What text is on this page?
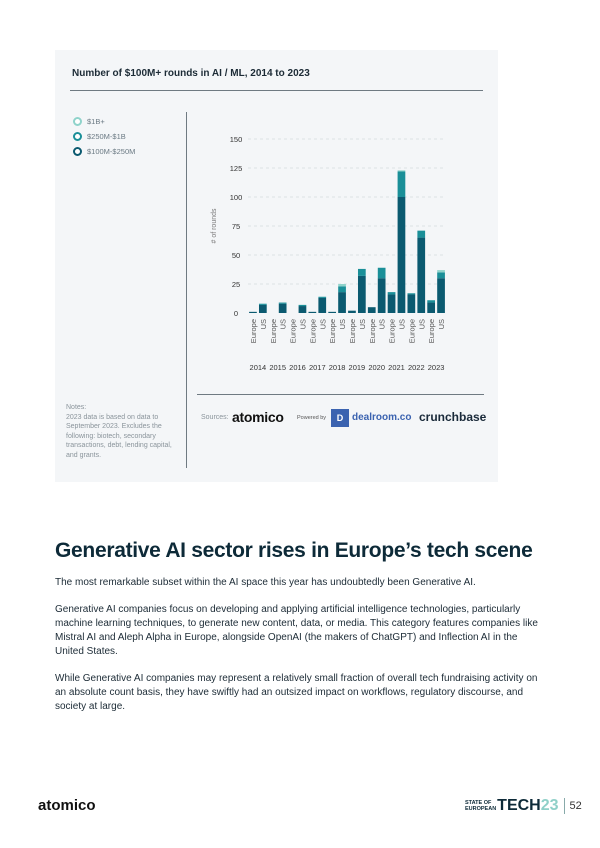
Number of $100M+ rounds in AI / ML, 2014 to 2023
$1B+
$250M-$1B
$100M-$250M
0
25
50
75
100
125
150
# of rounds
Europe US Europe US Europe US Europe US Europe US Europe US Europe US Europe US Europe US Europe US
2014 2015 2016 2017 2018 2019 2020 2021 2022 2023
Notes:
2023 data is based on data to September 2023. Excludes the following: biotech, secondary transactions, debt, lending capital, and grants.
Sources: atomico Powered by	D dealroom.co crunchbase
Generative AI sector rises in Europe’s tech scene

The most remarkable subset within the AI space this year has undoubtedly been Generative AI.

Generative AI companies focus on developing and applying artificial intelligence technologies, particularly machine learning techniques, to generate new content, data, or media. This category features companies like Mistral AI and Aleph Alpha in Europe, alongside OpenAI (the makers of ChatGPT) and Inflection AI in the United States.

While Generative AI companies may represent a relatively small fraction of overall tech fundraising activity on an absolute count basis, they have swiftly had an outsized impact on workflows, regulatory discourse, and society at large.

atomico	STATE OF
EUROPEAN TECH 23 52
